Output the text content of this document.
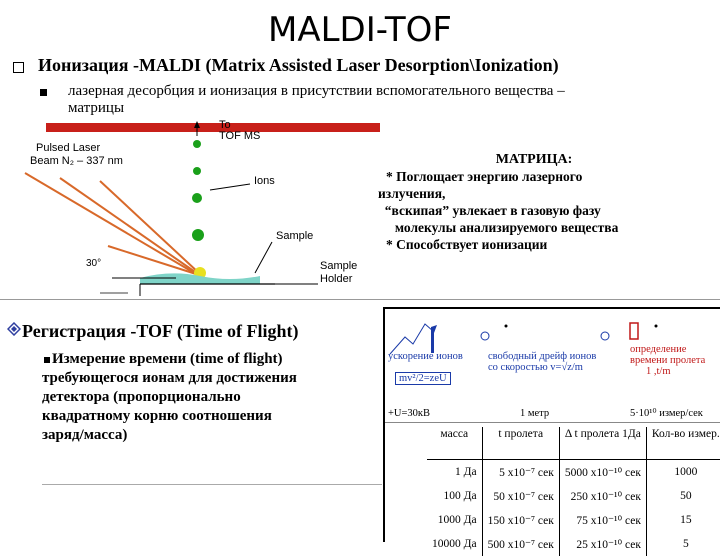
MALDI-TOF
Ионизация -MALDI (Matrix Assisted Laser Desorption\Ionization)
лазерная десорбция и ионизация в присутствии вспомогательного вещества –
матрицы
To
TOF MS
Pulsed Laser
Beam N₂ – 337 nm
Ions
Sample
30°	Sample
Holder
МАТРИЦА:
* Поглощает энергию лазерного
излучения,
“вскипая” увлекает в газовую фазу
молекулы анализируемого вещества
* Способствует ионизации
Регистрация -TOF (Time of Flight)
Измерение времени (time of flight)
требующегося ионам для достижения
детектора (пропорционально
квадратному корню соотношения
заряд/масса)
ускорение ионов
mv²/2=zeU
свободный дрейф ионов
со скоростью v=√z/m
определение
времени пролета
1 ,t/m
+U=30кВ	1 метр	5·10¹⁰ измер/сек
масса	t пролета	Δ t пролета 1Да	Кол-во измер.
1 Да	5 x10⁻⁷ сек	5000 x10⁻¹⁰ сек	1000
100 Да	50 x10⁻⁷ сек	250 x10⁻¹⁰ сек	50
1000 Да	150 x10⁻⁷ сек	75 x10⁻¹⁰ сек	15
10000 Да	500 x10⁻⁷ сек	25 x10⁻¹⁰ сек	5
